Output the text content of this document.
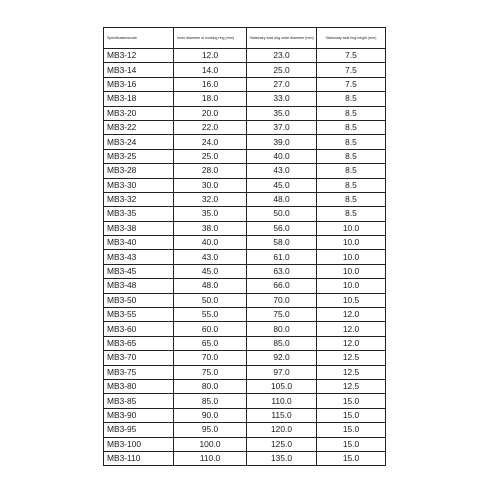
Specificationscode	Inner diameter of working ring (mm)	Stationary seal ring outer diameter (mm)	Stationary seal ring height (mm)
MB3-12	12.0	23.0	7.5
MB3-14	14.0	25.0	7.5
MB3-16	16.0	27.0	7.5
MB3-18	18.0	33.0	8.5
MB3-20	20.0	35.0	8.5
MB3-22	22.0	37.0	8.5
MB3-24	24.0	39.0	8.5
MB3-25	25.0	40.0	8.5
MB3-28	28.0	43.0	8.5
MB3-30	30.0	45.0	8.5
MB3-32	32.0	48.0	8.5
MB3-35	35.0	50.0	8.5
MB3-38	38.0	56.0	10.0
MB3-40	40.0	58.0	10.0
MB3-43	43.0	61.0	10.0
MB3-45	45.0	63.0	10.0
MB3-48	48.0	66.0	10.0
MB3-50	50.0	70.0	10.5
MB3-55	55.0	75.0	12.0
MB3-60	60.0	80.0	12.0
MB3-65	65.0	85.0	12.0
MB3-70	70.0	92.0	12.5
MB3-75	75.0	97.0	12.5
MB3-80	80.0	105.0	12.5
MB3-85	85.0	110.0	15.0
MB3-90	90.0	115.0	15.0
MB3-95	95.0	120.0	15.0
MB3-100	100.0	125.0	15.0
MB3-110	110.0	135.0	15.0
